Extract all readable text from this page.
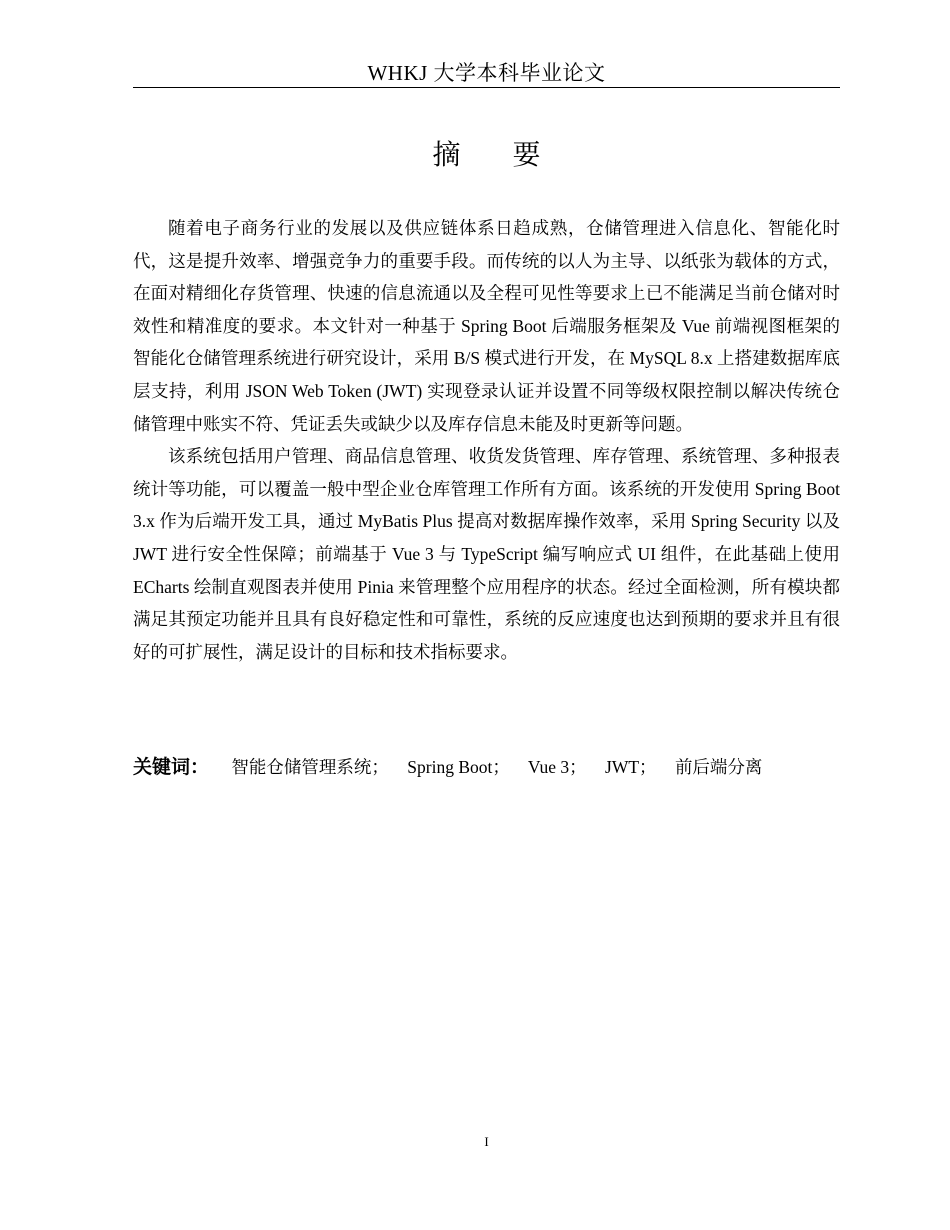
WHKJ 大学本科毕业论文
摘　要

随着电子商务行业的发展以及供应链体系日趋成熟，仓储管理进入信息化、智能化时代，这是提升效率、增强竞争力的重要手段。而传统的以人为主导、以纸张为载体的方式，在面对精细化存货管理、快速的信息流通以及全程可见性等要求上已不能满足当前仓储对时效性和精准度的要求。本文针对一种基于 Spring Boot 后端服务框架及 Vue 前端视图框架的智能化仓储管理系统进行研究设计，采用 B/S 模式进行开发，在 MySQL 8.x 上搭建数据库底层支持，利用 JSON Web Token (JWT) 实现登录认证并设置不同等级权限控制以解决传统仓储管理中账实不符、凭证丢失或缺少以及库存信息未能及时更新等问题。

该系统包括用户管理、商品信息管理、收货发货管理、库存管理、系统管理、多种报表统计等功能，可以覆盖一般中型企业仓库管理工作所有方面。该系统的开发使用 Spring Boot 3.x 作为后端开发工具，通过 MyBatis Plus 提高对数据库操作效率，采用 Spring Security 以及 JWT 进行安全性保障；前端基于 Vue 3 与 TypeScript 编写响应式 UI 组件，在此基础上使用 ECharts 绘制直观图表并使用 Pinia 来管理整个应用程序的状态。经过全面检测，所有模块都满足其预定功能并且具有良好稳定性和可靠性，系统的反应速度也达到预期的要求并且有很好的可扩展性，满足设计的目标和技术指标要求。

关键词： 智能仓储管理系统； Spring Boot； Vue 3； JWT； 前后端分离
I
